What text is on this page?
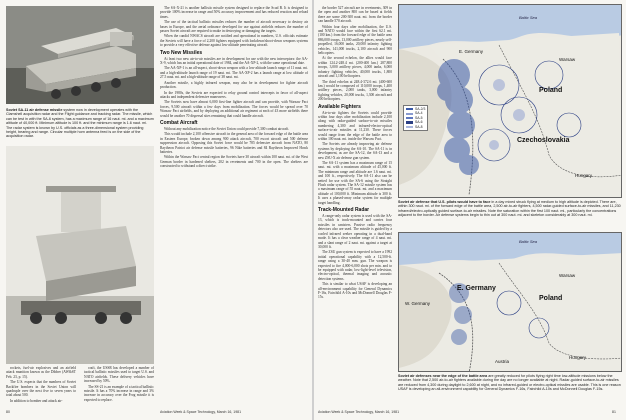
Soviet SA-11 air defense missile system now in development operates with the Clamshell acquisition radar and the Flight guidance and tracking radar. The missile, which can be test in with the SA-6 system, has a maximum range of 16 naut. mi. and a maximum altitude of 40,000 ft. Minimum altitude is 100 ft. and the minimum range is 1.6 naut. mi. The radar system is known by U.S. officials as a three-dimensional system providing height, bearing and range. Circular multiple horn antenna feed is on the side of the acquisition radar.

rockets, fuel-air explosives and an airfield attack munition known as the Dibber (AW&ST Feb. 23, p. 15).

The U.S. expects that the numbers of Soviet Backfire bombers in the Soviet Union will quadruple over the next five to seven years to total about 500.

In addition to bomber and attack air-

craft, the USSR has developed a number of tactical ballistic missiles used to target U.S. and NATO airfields. These delivery vehicles have increased by 50%.

The SS-21 is an example of a tactical ballistic missile. It has a 70% increase in range and 3% increase in accuracy over the Frog missile it is expected to replace.

The SA-X-21 is another ballistic missile system designed to replace the Scud B. It is designed to provide 100% increase in range and 50% accuracy improvement and has reduced reaction and reload times.

The use of the tactical ballistic missiles reduces the number of aircraft necessary to destroy air bases in Europe, and the aerial ordnance developed for use against airfields reduces the number of passes Soviet aircraft are required to make in destroying or damaging the targets.

When the candid NWACS aircraft are notified and operational in numbers, U.S. officials estimate the Soviets will have a force of 2,200 fighters equipped with lookdown/shoot-down weapons systems to provide a very effective defense against low-altitude penetrating aircraft.

Two New Missiles

At least two new air-to-air missiles are in development for use with the new interceptors: the AA-X-9, which has an initial operational date of 1984, and the AA-XP-2, with the same operational date.

The AA-XP-1 is an all-aspect, shoot-down weapon with a low-altitude launch range of 11 naut. mi. and a high-altitude launch range of 19 naut. mi. The AA-XP-2 has a launch range at low altitude of 27.5 naut. mi. and a high-altitude range of 38 naut. mi.

Another missile, a highly infrared weapon, may also be in development for fighter aircraft production.

In the 1980s, the Soviets are expected to relay ground control intercepts in favor of all-aspect attacks and independent defensive maneuvers.

The Soviets now have almost 6,000 first-line fighter aircraft and can provide, with Warsaw Pact forces, 9,500 aircraft within a few days from mobilization. The forces would be spread over 70 Warsaw Pact airfields, and by deploying an additional air regiment at each of 43 more airfields there would be another 70 dispersal sites remaining that could handle aircraft.

Combat Aircraft

Without any mobilization notice the Soviet Union could provide 7,300 combat aircraft.

This would include 2,100 offensive aircraft in the general area of the forward edge of the battle area in Eastern Europe, broken down among 900 attack aircraft, 700 escort aircraft and 500 defense suppression aircraft. Opposing this Soviet force would be 785 defensive aircraft from NATO, 80 Raytheon Patriot air defense missile batteries, 96 Nike batteries and 84 Raytheon Improved Hawk batteries.

Within the Warsaw Pact central region the Soviets have 30 aircraft within 100 naut. mi. of the West German border in hardened shelters, 202 in revetments and 700 in the open. The shelters are constructed to withstand a direct strike.

80	Aviation Week & Space Technology, March 16, 1981

the border 527 aircraft are in revetments, 309 in the open and another 800 can be based at fields there are some 200-300 naut. mi. from the border can handle 570 aircraft.

Within four days after mobilization, the U.S. and NATO would face within the first 62.1 mi. (100 km.) from the forward edge of the battle area 886,000 troops, 13,000 artillery pieces, nearly self-propelled, 16,000 tanks, 20,000 infantry fighting vehicles, 141,000 trucks, 2,100 aircraft and 900 helicopters.

At the second echelon, the allies would face within 124.2-248.4 mi. (200-400 km.) 287,800 troops, 3,000 artillery pieces, 4,000 tanks, 6,000 infantry fighting vehicles, 40,000 trucks, 1,800 aircraft and 1,100 helicopters.

The third echelon at 248.4-372.6 mi. (400-600 km.) would be composed of 110,000 troops, 1,400 artillery pieces, 2,000 tanks, 3,000 infantry fighting vehicles, 20,000 trucks, 1,300 aircraft and 200 helicopters.

Available Fighters

Air-to-air fighters the Soviets could provide within four days after mobilization include 2,100 along with radar-guided surface-to-air missiles numbering 4,300 and infrared-electro-optical surface-to-air missiles at 11,230. These forces would range from the edge of the battle area to within 100 naut. mi. inside the Warsaw Pact.

The Soviets are already improving air defense systems by deploying the SA-10. The SA-11 is in development, as are the SA-12, the SA-13 and a new ZSU-X air defense gun system.

The SA-11 system has a maximum range of 15 naut. mi. with a maximum altitude of 45,000 ft. The minimum range and altitude are 1.6 naut. mi. and 100 ft., respectively. The SA-11 also can be netted for use with the SA-6 using the Straight Flush radar system. The SA-12 missile system has a maximum range of 55 naut. mi. and a maximum altitude of 100,000 ft. Minimum altitude is 300 ft. It uses a phased-array radar system for multiple target handling.

Track-Mounted Radar

A range-only radar system is used with the SA-13, which is track-mounted and carries four missiles in canisters. Passive radio frequency detectors also are used. The missile is guided by a cooled infrared seeker operating in a dual-band mode. It has a clear weather range of 4 naut. mi. and a slant range of 2 naut. mi. against a target at 30,000 ft.

The ZSU gun system is expected to have a 1992 initial operational capability with a 12,500-ft. range using a 30-40 mm. gun. The weapon is expected to fire 4,000-6,000 shots per min. and to be equipped with radar, low-light-level television, electro-optical, thermal imaging and acoustic detection systems.

This is similar to what USAF is developing an all-environment capability for General Dynamics F-16s, Fairchild A-10s and McDonnell Douglas F-15s.

Baltic Sea
Warsaw
Poland
Czechoslovakia
Hungary
E. Germany
SA-2/3
SA-4
SA-5
SA-6
SA-8
Soviet air defense that U.S. pilots would have to face in a day mixed struck flying at medium to high altitude is depicted. There are, within 300 naut. mi. of the forward edge of the battle area, 2,500 air-to-air fighters, 4,500 radar-guided surface-to-air missiles, and 11,230 infrared/electro-optically guided surface-to-air missiles. Note the saturation within the first 100 naut. mi., particularly the concentrations adjacent to the border. Air defense systems begin to thin out at 300 naut. mi. and skeleton considerably at 300 naut. mi.
Baltic Sea
W. Germany
E. Germany
Warsaw
Poland
Hungary
Austria
Soviet air defenses near the edge of the battle area are greatly reduced for pilots flying right time low-altitude missions below the weather. Note that 2,500 air-to-air fighters available during the day are no longer available at night. Radar-guided surface-to-air missiles are reduced from 4,300 during daylight to 2,600 at night, and no infrared-guided or electro-optical missiles are usable. This is one reason USAF is developing an all-environment capability for General Dynamics F-16s, Fairchild A-10s and McDonnell Douglas F-15s.
Aviation Week & Space Technology, March 16, 1981	81
